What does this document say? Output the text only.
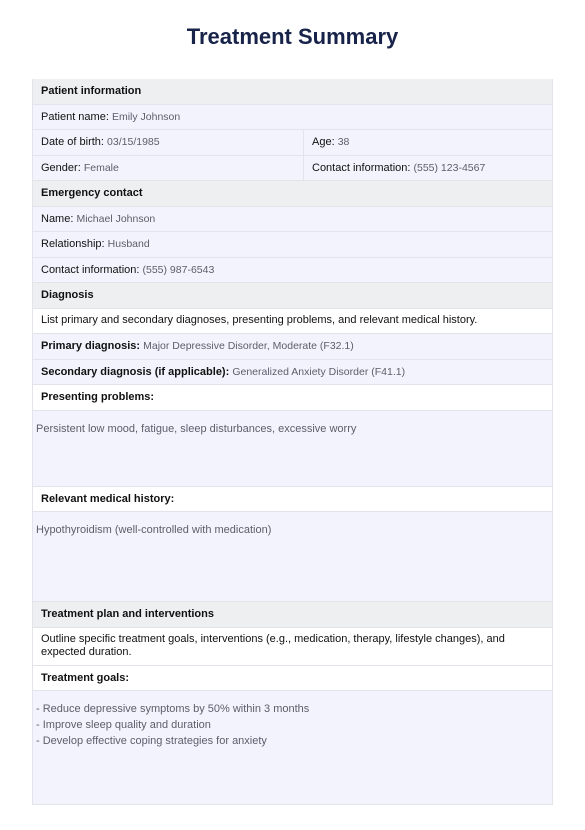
Treatment Summary
Patient information
Patient name:
Emily Johnson
Date of birth:
03/15/1985	Age:
38
Gender:
Female	Contact information:
(555) 123-4567
Emergency contact
Name:
Michael Johnson
Relationship:
Husband
Contact information:
(555) 987-6543
Diagnosis
List primary and secondary diagnoses, presenting problems, and relevant medical history.
Primary diagnosis:
Major Depressive Disorder, Moderate (F32.1)
Secondary diagnosis (if applicable):
Generalized Anxiety Disorder (F41.1)
Presenting problems:
Persistent low mood, fatigue, sleep disturbances, excessive worry
Relevant medical history:
Hypothyroidism (well-controlled with medication)
Treatment plan and interventions
Outline specific treatment goals, interventions (e.g., medication, therapy, lifestyle changes), and expected duration.
Treatment goals:
- Reduce depressive symptoms by 50% within 3 months
- Improve sleep quality and duration
- Develop effective coping strategies for anxiety
